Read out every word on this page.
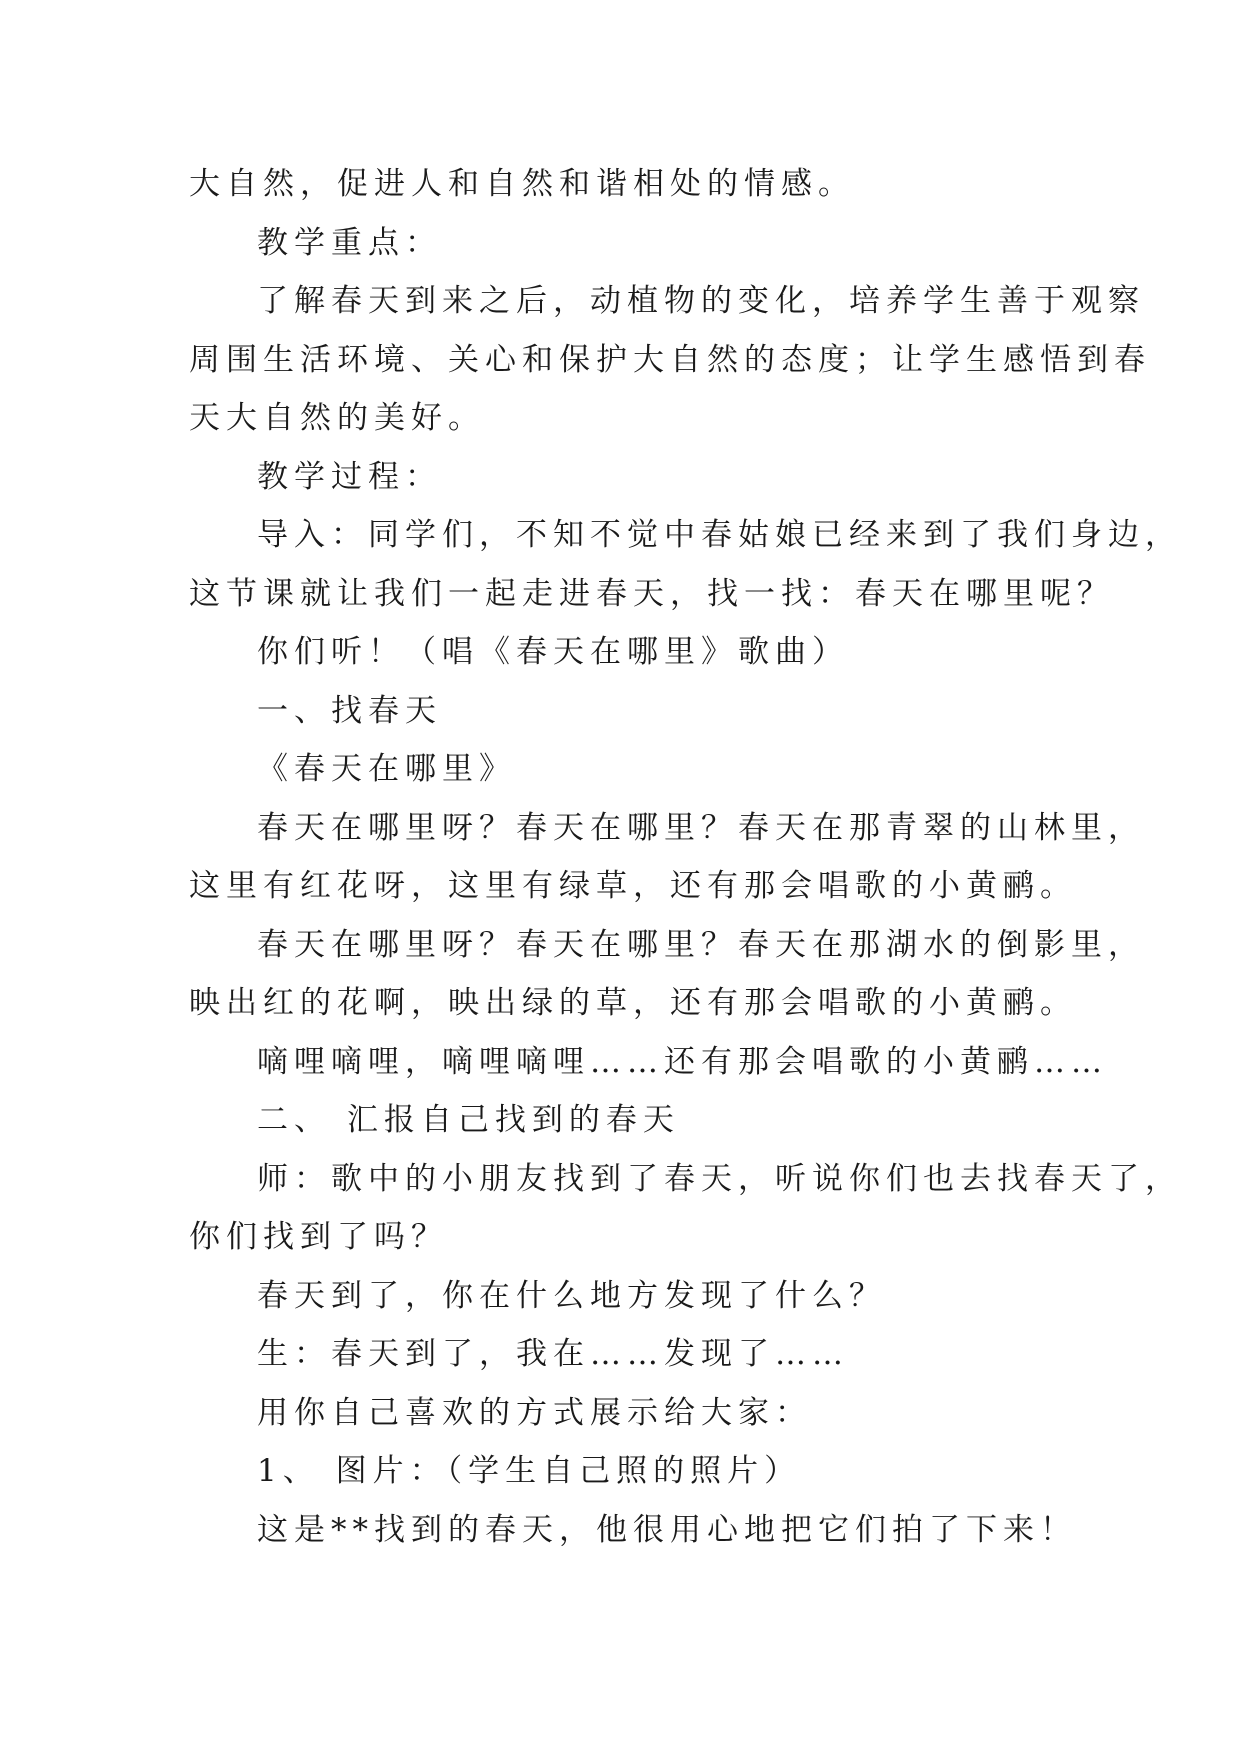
大自然，促进人和自然和谐相处的情感。
教学重点：
了解春天到来之后，动植物的变化，培养学生善于观察
周围生活环境、关心和保护大自然的态度；让学生感悟到春
天大自然的美好。
教学过程：
导入：同学们，不知不觉中春姑娘已经来到了我们身边，
这节课就让我们一起走进春天，找一找：春天在哪里呢？
你们听！（唱《春天在哪里》歌曲）
一、找春天
《春天在哪里》
春天在哪里呀？春天在哪里？春天在那青翠的山林里，
这里有红花呀，这里有绿草，还有那会唱歌的小黄鹂。
春天在哪里呀？春天在哪里？春天在那湖水的倒影里，
映出红的花啊，映出绿的草，还有那会唱歌的小黄鹂。
嘀哩嘀哩，嘀哩嘀哩……还有那会唱歌的小黄鹂……
二、 汇报自己找到的春天
师：歌中的小朋友找到了春天，听说你们也去找春天了，
你们找到了吗？
春天到了，你在什么地方发现了什么？
生：春天到了，我在……发现了……
用你自己喜欢的方式展示给大家：
1、 图片：（学生自己照的照片）
这是**找到的春天，他很用心地把它们拍了下来！
